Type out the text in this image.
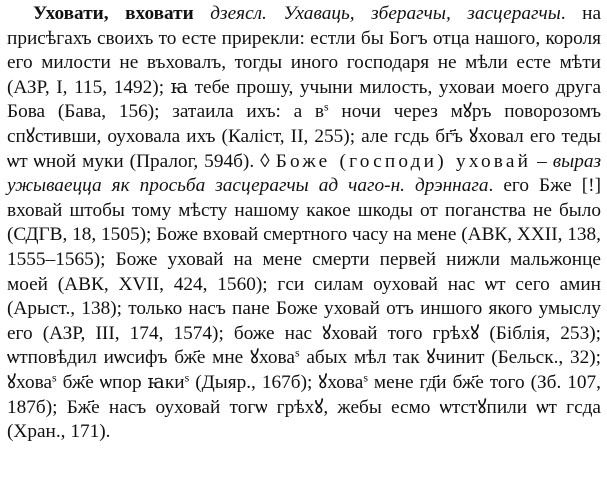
Уховати, вховати дзеясл. Ухаваць, зберагчы, засцерагчы. на присѣгахъ своихъ то есте прирекли: естли бы Богъ отца нашого, короля его милости не въховалъ, тогды иного господаря не мѣли есте мѣти (АЗР, I, 115, 1492); ꙗ тебе прошу, учыни милость, уховаи моего друга Бова (Бава, 156); затаила ихъ: а $в^s$ ночи через мꙋръ поворозомъ спꙋстивши, оуховала ихъ (Каліст, II, 255); але гсдь бг҃ъ ꙋховал его теды ѡт ѡной муки (Пралог, 594б). ◊ Боже (господи) уховай – выраз ужываецца як просьба засцерагчы ад чаго-н. дрэннага. его Бже [!] вховай штобы тому мѣсту нашому какое шкоды от поганства не было (СДГВ, 18, 1505); Боже вховай смертного часу на мене (АВК, XXII, 138, 1555–1565); Боже уховай на мене смерти первей нижли мальжонце моей (АВК, XVII, 424, 1560); гси силам оуховай нас ѡт сего амин (Арыст., 138); только насъ пане Боже уховай отъ иншого якого умыслу его (АЗР, III, 174, 1574); боже нас ꙋховай того грѣхꙋ (Біблія, 253); ѡтповѣдил иѡсифъ бж҃е мне ꙋхова$^s$ абых мѣл так ꙋчинит (Бельск., 32); ꙋхова$^s$ бж҃е ѡпор ꙗки$^s$ (Дыяр., 167б); ꙋхова$^s$ мене гд҃и бж҃е того (Зб. 107, 187б); Бж҃е насъ оуховай тогѡ грѣхꙋ, жебы есмо ѡтстꙋпили ѡт гсда (Хран., 171).
